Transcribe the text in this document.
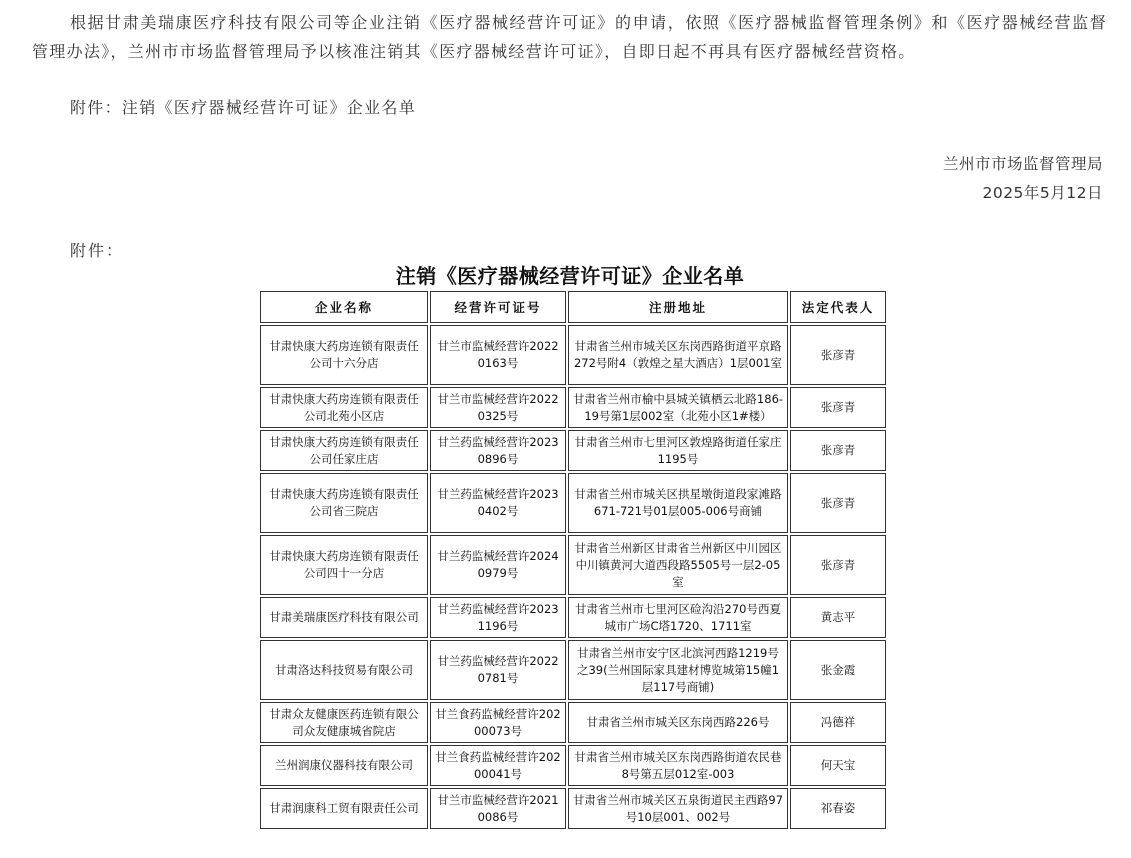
根据甘肃美瑞康医疗科技有限公司等企业注销《医疗器械经营许可证》的申请，依照《医疗器械监督管理条例》和《医疗器械经营监督管理办法》，兰州市市场监督管理局予以核准注销其《医疗器械经营许可证》，自即日起不再具有医疗器械经营资格。

附件：注销《医疗器械经营许可证》企业名单

兰州市市场监督管理局
2025年5月12日
附件：
注销《医疗器械经营许可证》企业名单
企业名称	经营许可证号	注册地址	法定代表人
甘肃快康大药房连锁有限责任公司十六分店	甘兰市监械经营许20220163号	甘肃省兰州市城关区东岗西路街道平京路272号附4（敦煌之星大酒店）1层001室	张彦青
甘肃快康大药房连锁有限责任公司北苑小区店	甘兰市监械经营许20220325号	甘肃省兰州市榆中县城关镇栖云北路186-19号第1层002室（北苑小区1#楼）	张彦青
甘肃快康大药房连锁有限责任公司任家庄店	甘兰药监械经营许20230896号	甘肃省兰州市七里河区敦煌路街道任家庄1195号	张彦青
甘肃快康大药房连锁有限责任公司省三院店	甘兰药监械经营许20230402号	甘肃省兰州市城关区拱星墩街道段家滩路671-721号01层005-006号商铺	张彦青
甘肃快康大药房连锁有限责任公司四十一分店	甘兰药监械经营许20240979号	甘肃省兰州新区甘肃省兰州新区中川园区中川镇黄河大道西段路5505号一层2-05室	张彦青
甘肃美瑞康医疗科技有限公司	甘兰药监械经营许20231196号	甘肃省兰州市七里河区硷沟沿270号西夏城市广场C塔1720、1711室	黄志平
甘肃洛达科技贸易有限公司	甘兰药监械经营许20220781号	甘肃省兰州市安宁区北滨河西路1219号之39(兰州国际家具建材博览城第15幢1层117号商铺)	张金霞
甘肃众友健康医药连锁有限公司众友健康城省院店	甘兰食药监械经营许20200073号	甘肃省兰州市城关区东岗西路226号	冯德祥
兰州润康仪器科技有限公司	甘兰食药监械经营许20200041号	甘肃省兰州市城关区东岗西路街道农民巷8号第五层012室-003	何天宝
甘肃润康科工贸有限责任公司	甘兰市监械经营许20210086号	甘肃省兰州市城关区五泉街道民主西路97号10层001、002号	祁春姿
